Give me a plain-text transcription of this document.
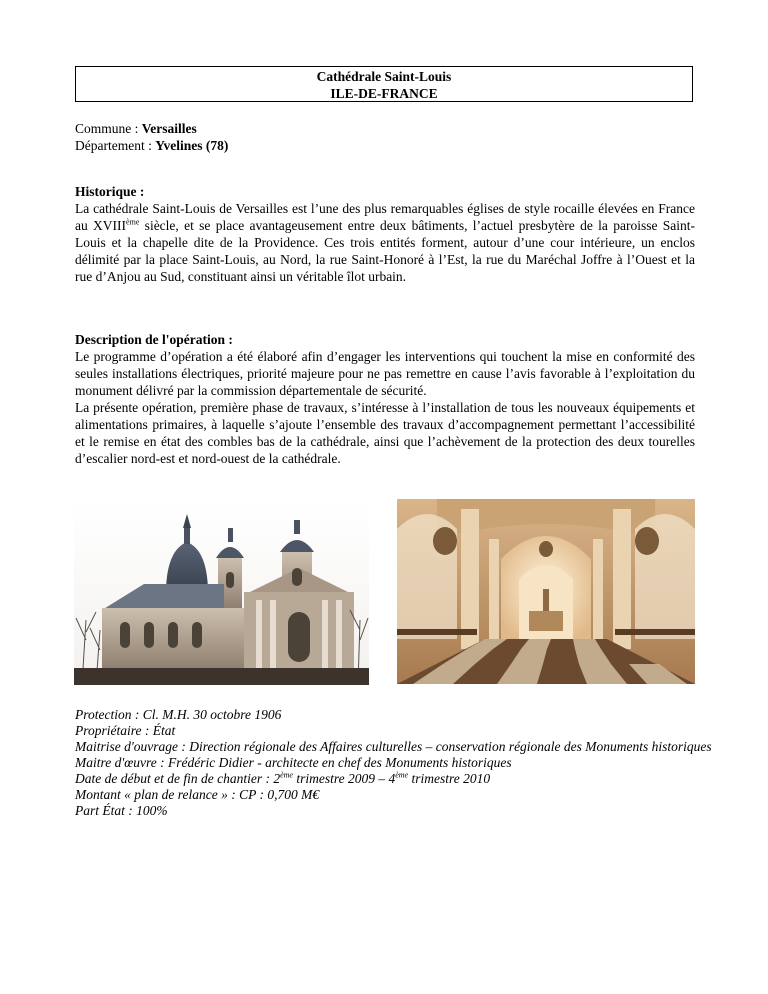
Cathédrale Saint-Louis
ILE-DE-FRANCE
Commune : Versailles
Département : Yvelines (78)
Historique :
La cathédrale Saint-Louis de Versailles est l’une des plus remarquables églises de style rocaille élevées en France au XVIIIème siècle, et se place avantageusement entre deux bâtiments, l’actuel presbytère de la paroisse Saint-Louis et la chapelle dite de la Providence. Ces trois entités forment, autour d’une cour intérieure, un enclos délimité par la place Saint-Louis, au Nord, la rue Saint-Honoré à l’Est, la rue du Maréchal Joffre à l’Ouest et la rue d’Anjou au Sud, constituant ainsi un véritable îlot urbain.
Description de l'opération :
Le programme d’opération a été élaboré afin d’engager les interventions qui touchent la mise en conformité des seules installations électriques, priorité majeure pour ne pas remettre en cause l’avis favorable à l’exploitation du monument délivré par la commission départementale de sécurité.
La présente opération, première phase de travaux, s’intéresse à l’installation de tous les nouveaux équipements et alimentations primaires, à laquelle s’ajoute l’ensemble des travaux d’accompagnement permettant l’accessibilité et le remise en état des combles bas de la cathédrale, ainsi que l’achèvement de la protection des deux tourelles d’escalier nord-est et nord-ouest de la cathédrale.
Protection : Cl. M.H. 30 octobre 1906
Propriétaire : État
Maitrise d'ouvrage : Direction régionale des Affaires culturelles – conservation régionale des Monuments historiques
Maitre d'œuvre : Frédéric Didier - architecte en chef des Monuments historiques
Date de début et de fin de chantier : 2ème trimestre 2009 – 4ème trimestre 2010
Montant « plan de relance » : CP : 0,700 M€
Part État : 100%
